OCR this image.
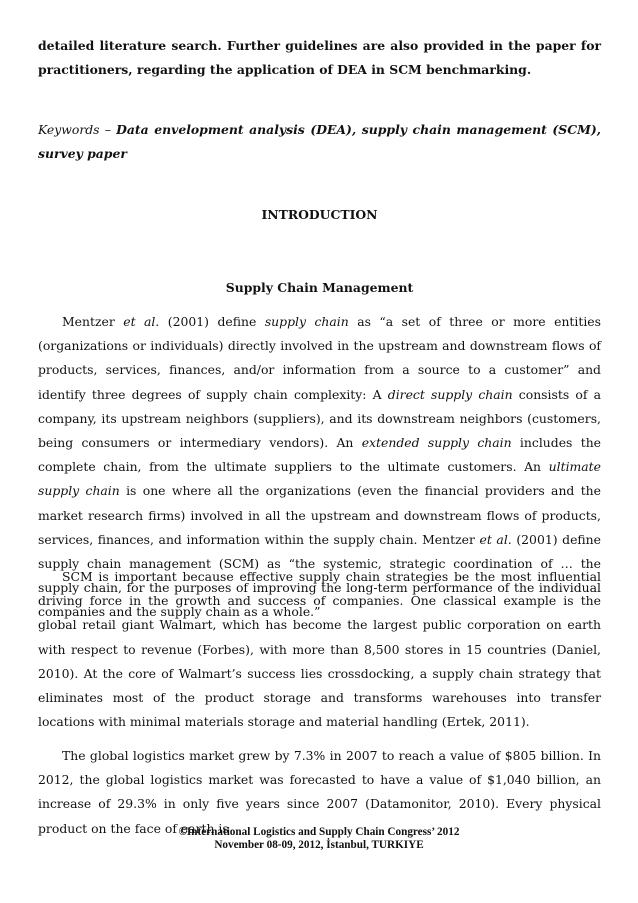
detailed literature search. Further guidelines are also provided in the paper for practitioners, regarding the application of DEA in SCM benchmarking.

Keywords – Data envelopment analysis (DEA), supply chain management (SCM), survey paper

INTRODUCTION

Supply Chain Management

Mentzer et al. (2001) define supply chain as “a set of three or more entities (organizations or individuals) directly involved in the upstream and downstream flows of products, services, finances, and/or information from a source to a customer” and identify three degrees of supply chain complexity: A direct supply chain consists of a company, its upstream neighbors (suppliers), and its downstream neighbors (customers, being consumers or intermediary vendors). An extended supply chain includes the complete chain, from the ultimate suppliers to the ultimate customers. An ultimate supply chain is one where all the organizations (even the financial providers and the market research firms) involved in all the upstream and downstream flows of products, services, finances, and information within the supply chain. Mentzer et al. (2001) define supply chain management (SCM) as “the systemic, strategic coordination of … the supply chain, for the purposes of improving the long-term performance of the individual companies and the supply chain as a whole.”

SCM is important because effective supply chain strategies be the most influential driving force in the growth and success of companies. One classical example is the global retail giant Walmart, which has become the largest public corporation on earth with respect to revenue (Forbes), with more than 8,500 stores in 15 countries (Daniel, 2010). At the core of Walmart’s success lies crossdocking, a supply chain strategy that eliminates most of the product storage and transforms warehouses into transfer locations with minimal materials storage and material handling (Ertek, 2011).

The global logistics market grew by 7.3% in 2007 to reach a value of $805 billion. In 2012, the global logistics market was forecasted to have a value of $1,040 billion, an increase of 29.3% in only five years since 2007 (Datamonitor, 2010). Every physical product on the face of earth is

©International Logistics and Supply Chain Congress’ 2012
November 08-09, 2012, İstanbul, TURKIYE
